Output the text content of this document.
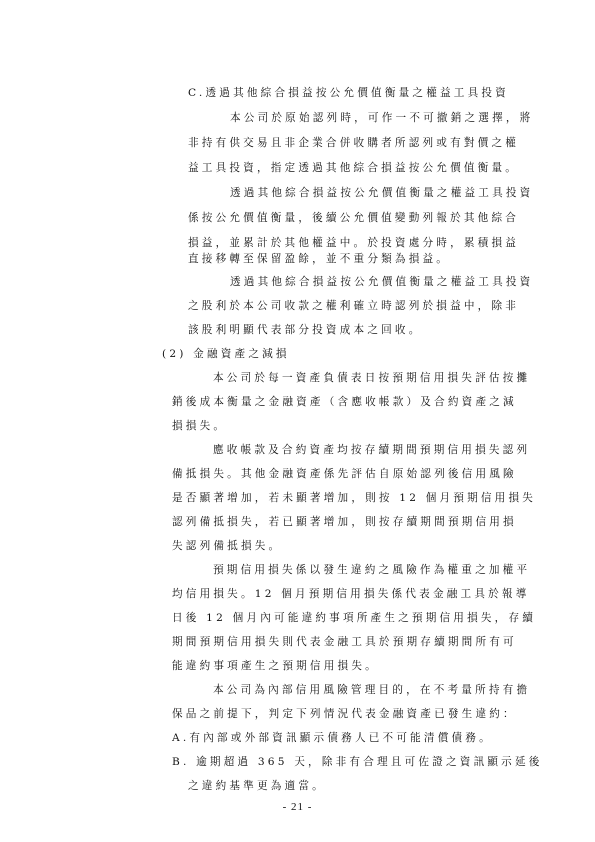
C.透過其他綜合損益按公允價值衡量之權益工具投資
本公司於原始認列時，可作一不可撤銷之選擇，將
非持有供交易且非企業合併收購者所認列或有對價之權
益工具投資，指定透過其他綜合損益按公允價值衡量。
透過其他綜合損益按公允價值衡量之權益工具投資
係按公允價值衡量，後續公允價值變動列報於其他綜合
損益，並累計於其他權益中。於投資處分時，累積損益
直接移轉至保留盈餘，並不重分類為損益。
透過其他綜合損益按公允價值衡量之權益工具投資
之股利於本公司收款之權利確立時認列於損益中，除非
該股利明顯代表部分投資成本之回收。
(2) 金融資產之減損
本公司於每一資產負債表日按預期信用損失評估按攤
銷後成本衡量之金融資產（含應收帳款）及合約資產之減
損損失。
應收帳款及合約資產均按存續期間預期信用損失認列
備抵損失。其他金融資產係先評估自原始認列後信用風險
是否顯著增加，若未顯著增加，則按 12 個月預期信用損失
認列備抵損失，若已顯著增加，則按存續期間預期信用損
失認列備抵損失。
預期信用損失係以發生違約之風險作為權重之加權平
均信用損失。12 個月預期信用損失係代表金融工具於報導
日後 12 個月內可能違約事項所產生之預期信用損失，存續
期間預期信用損失則代表金融工具於預期存續期間所有可
能違約事項產生之預期信用損失。
本公司為內部信用風險管理目的，在不考量所持有擔
保品之前提下，判定下列情況代表金融資產已發生違約：
A.有內部或外部資訊顯示債務人已不可能清償債務。
B. 逾期超過 365 天，除非有合理且可佐證之資訊顯示延後
之違約基準更為適當。
- 21 -
